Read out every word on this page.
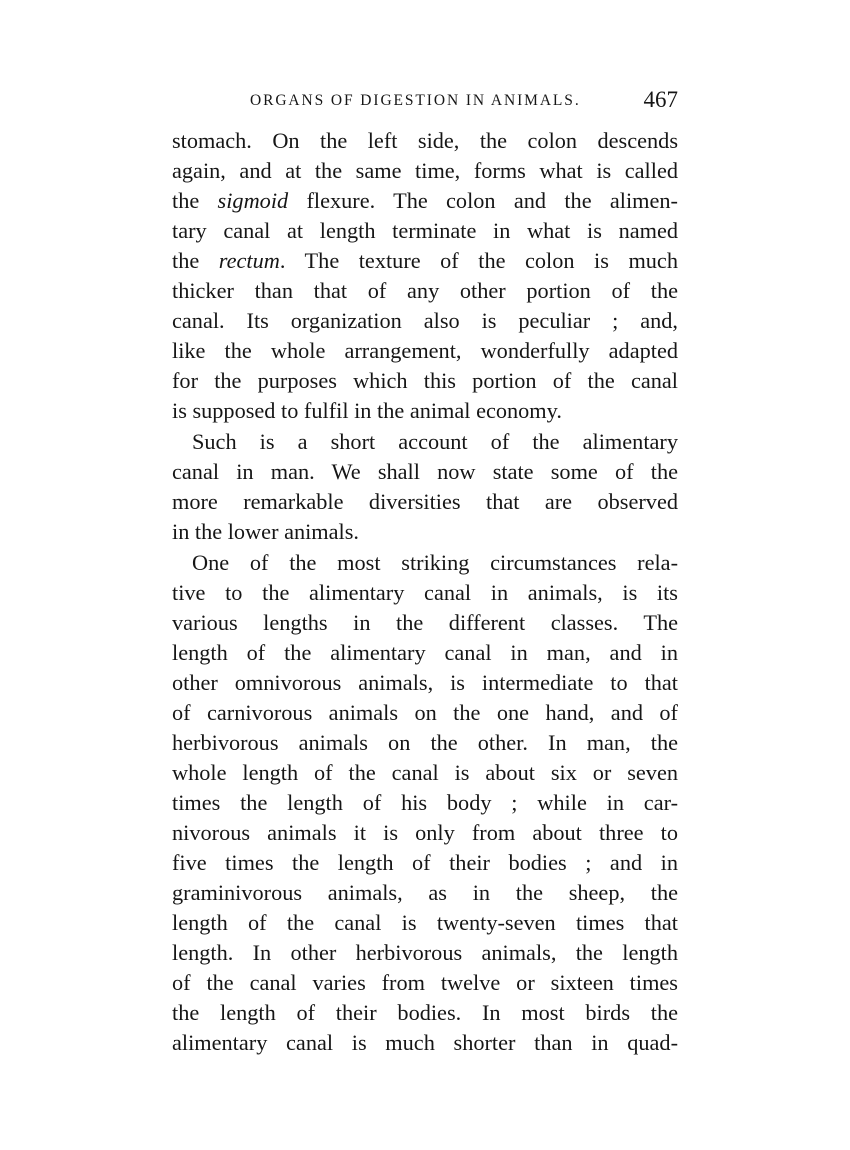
ORGANS OF DIGESTION IN ANIMALS.	467

stomach. On the left side, the colon descends
again, and at the same time, forms what is called
the sigmoid flexure. The colon and the alimen-
tary canal at length terminate in what is named
the rectum. The texture of the colon is much
thicker than that of any other portion of the
canal. Its organization also is peculiar ; and,
like the whole arrangement, wonderfully adapted
for the purposes which this portion of the canal
is supposed to fulfil in the animal economy.

Such is a short account of the alimentary
canal in man. We shall now state some of the
more remarkable diversities that are observed
in the lower animals.

One of the most striking circumstances rela-
tive to the alimentary canal in animals, is its
various lengths in the different classes. The
length of the alimentary canal in man, and in
other omnivorous animals, is intermediate to that
of carnivorous animals on the one hand, and of
herbivorous animals on the other. In man, the
whole length of the canal is about six or seven
times the length of his body ; while in car-
nivorous animals it is only from about three to
five times the length of their bodies ; and in
graminivorous animals, as in the sheep, the
length of the canal is twenty-seven times that
length. In other herbivorous animals, the length
of the canal varies from twelve or sixteen times
the length of their bodies. In most birds the
alimentary canal is much shorter than in quad-
